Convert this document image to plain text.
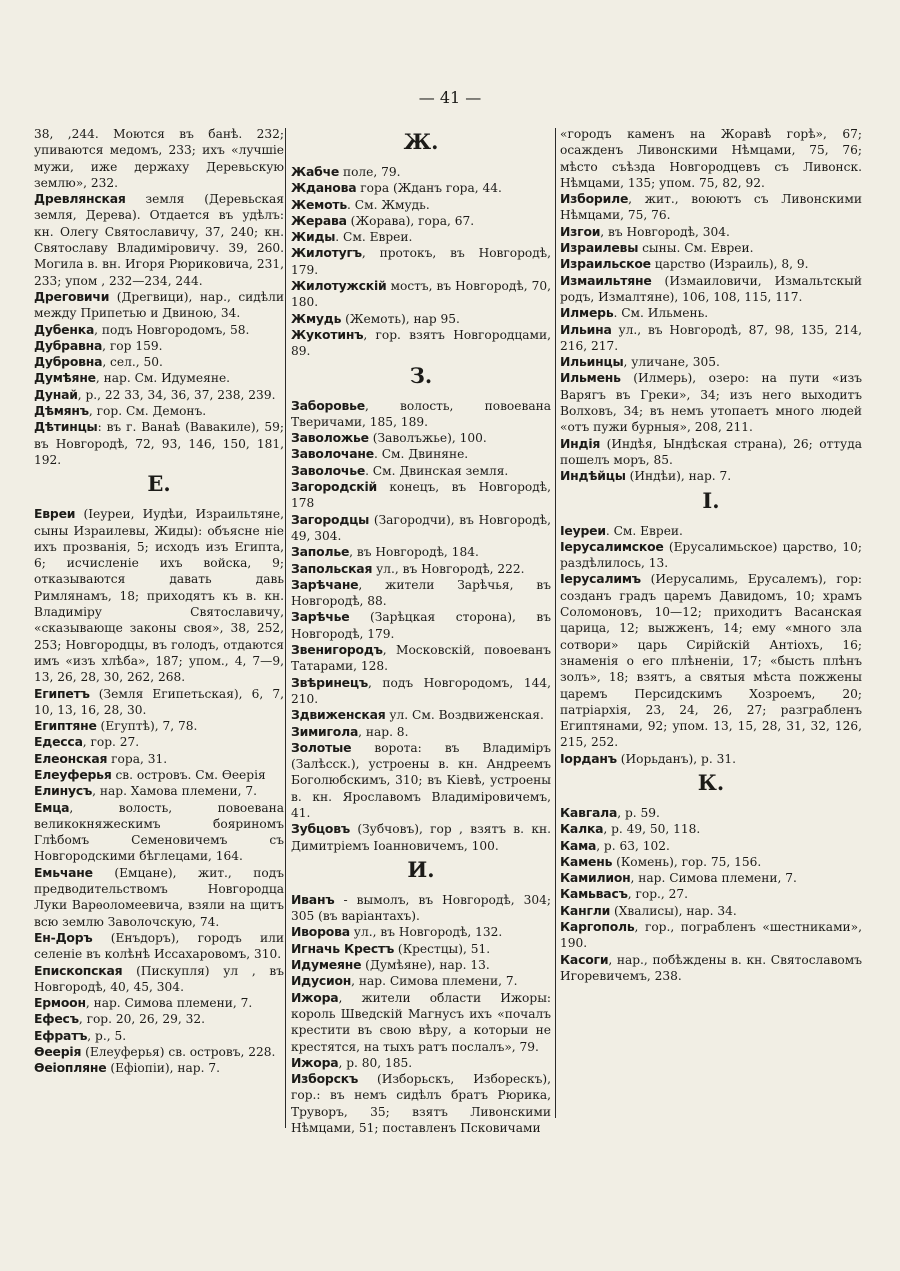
— 41 —

38, ,244. Моются въ банѣ. 232; упиваются медомъ, 233; ихъ «лучшіе мужи, иже держаху Деревьскую землю», 232.

Древлянская земля (Деревьская земля, Дерева). Отдается въ удѣлъ: кн. Олегу Святославичу, 37, 240; кн. Святославу Владиміровичу. 39, 260. Могила в. вн. Игоря Рюриковича, 231, 233; упом , 232—234, 244.

Дреговичи (Дрегвици), нар., сидѣли между Припетью и Двиною, 34.

Дубенка, подъ Новгородомъ, 58.

Дубравна, гор 159.

Дубровна, сел., 50.

Думѣяне, нар. См. Идумеяне.

Дунай, р., 22 33, 34, 36, 37, 238, 239.

Дѣмянъ, гор. См. Демонъ.

Дѣтинцы: въ г. Ванаѣ (Вавакиле), 59; въ Новгородѣ, 72, 93, 146, 150, 181, 192.

Е.

Евреи (Іеуреи, Иудѣи, Израильтяне, сыны Израилевы, Жиды): объясне ніе ихъ прозванія, 5; исходъ изъ Египта, 6; исчисленіе ихъ войска, 9; отказываются давать давь Римлянамъ, 18; приходятъ къ в. кн. Владиміру Святославичу, «сказывающе законы своя», 38, 252, 253; Новгородцы, въ голодъ, отдаются имъ «изъ хлѣба», 187; упом., 4, 7—9, 13, 26, 28, 30, 262, 268.

Египетъ (Земля Египетьская), 6, 7, 10, 13, 16, 28, 30.

Египтяне (Егуптѣ), 7, 78.

Едесса, гор. 27.

Елеонская гора, 31.

Елеуферья св. островъ. См. Ѳеерія

Елинусъ, нар. Хамова племени, 7.

Емца, волость, повоевана великокняжескимъ бояриномъ Глѣбомъ Семеновичемъ съ Новгородскими бѣглецами, 164.

Емьчане (Емцане), жит., подъ предводительствомъ Новгородца Луки Варѳоломеевича, взяли на щитъ всю землю Заволочскую, 74.

Ен-Доръ (Енъдоръ), городъ или селеніе въ колѣнѣ Иссахаровомъ, 310.

Епископская (Пискупля) ул , въ Новгородѣ, 40, 45, 304.

Ермоон, нар. Симова племени, 7.

Ефесъ, гор. 20, 26, 29, 32.

Ефратъ, р., 5.

Ѳеерія (Елеуферья) св. островъ, 228.

Ѳеіопляне (Ефіопіи), нар. 7.

Ж.

Жабче поле, 79.

Жданова гора (Жданъ гора, 44.

Жемоть. См. Жмудь.

Жерава (Жорава), гора, 67.

Жиды. См. Евреи.

Жилотугъ, протокъ, въ Новгородѣ, 179.

Жилотужскій мостъ, въ Новгородѣ, 70, 180.

Жмудь (Жемоть), нар 95.

Жукотинъ, гор. взятъ Новгородцами, 89.

З.

Заборовье, волость, повоевана Тверичами, 185, 189.

Заволожье (Заволъжье), 100.

Заволочане. См. Двиняне.

Заволочье. См. Двинская земля.

Загородскій конецъ, въ Новгородѣ, 178

Загородцы (Загородчи), въ Новгородѣ, 49, 304.

Заполье, въ Новгородѣ, 184.

Запольская ул., въ Новгородѣ, 222.

Зарѣчане, жители Зарѣчья, въ Новгородѣ, 88.

Зарѣчье (Зарѣцкая сторона), въ Новгородѣ, 179.

Звенигородъ, Московскій, повоеванъ Татарами, 128.

Звѣринецъ, подъ Новгородомъ, 144, 210.

Здвиженская ул. См. Воздвиженская.

Зимигола, нар. 8.

Золотые ворота: въ Владиміръ (Залѣсск.), устроены в. кн. Андреемъ Боголюбскимъ, 310; въ Кіевѣ, устроены в. кн. Ярославомъ Владиміровичемъ, 41.

Зубцовъ (Зубчовъ), гор , взятъ в. кн. Димитріемъ Іоанновичемъ, 100.

И.

Иванъ - вымолъ, въ Новгородѣ, 304; 305 (въ варіантахъ).

Иворова ул., въ Новгородѣ, 132.

Игначь Крестъ (Крестцы), 51.

Идумеяне (Думѣяне), нар. 13.

Идусион, нар. Симова племени, 7.

Ижора, жители области Ижоры: король Шведскій Магнусъ ихъ «почалъ крестити въ свою вѣру, а которыи не крестятся, на тыхъ ратъ послалъ», 79.

Ижора, р. 80, 185.

Изборскъ (Изборьскъ, Изборескъ), гор.: въ немъ сидѣлъ братъ Рюрика, Труворъ, 35; взятъ Ливонскими Нѣмцами, 51; поставленъ Псковичами

«городъ каменъ на Жоравѣ горѣ», 67; осажденъ Ливонскими Нѣмцами, 75, 76; мѣсто съѣзда Новгородцевъ съ Ливонск. Нѣмцами, 135; упом. 75, 82, 92.

Избориле, жит., воюютъ съ Ливонскими Нѣмцами, 75, 76.

Изгои, въ Новгородѣ, 304.

Израилевы сыны. См. Евреи.

Израильское царство (Израиль), 8, 9.

Измаильтяне (Измаиловичи, Измальтскый родъ, Измалтяне), 106, 108, 115, 117.

Илмерь. См. Ильмень.

Ильина ул., въ Новгородѣ, 87, 98, 135, 214, 216, 217.

Ильинцы, уличане, 305.

Ильмень (Илмерь), озеро: на пути «изъ Варягъ въ Греки», 34; изъ него выходитъ Волховъ, 34; въ немъ утопаетъ много людей «отъ пужи бурныя», 208, 211.

Индія (Индѣя, Ындѣская страна), 26; оттуда пошелъ моръ, 85.

Индѣйцы (Индѣи), нар. 7.

I.

Іеуреи. См. Евреи.

Іерусалимское (Ерусалимьское) царство, 10; раздѣлилось, 13.

Іерусалимъ (Иерусалимь, Ерусалемъ), гор: созданъ градъ царемъ Давидомъ, 10; храмъ Соломоновъ, 10—12; приходитъ Васанская царица, 12; выжженъ, 14; ему «много зла сотвори» царь Сирійскій Антіохъ, 16; знаменія о его плѣненіи, 17; «бысть плѣнъ золъ», 18; взятъ, а святыя мѣста пожжены царемъ Персидскимъ Хозроемъ, 20; патріархія, 23, 24, 26, 27; разграбленъ Египтянами, 92; упом. 13, 15, 28, 31, 32, 126, 215, 252.

Іорданъ (Иорьданъ), р. 31.

К.

Кавгала, р. 59.

Калка, р. 49, 50, 118.

Кама, р. 63, 102.

Камень (Комень), гор. 75, 156.

Камилион, нар. Симова племени, 7.

Камьвасъ, гор., 27.

Кангли (Хвалисы), нар. 34.

Каргополь, гор., пограбленъ «шестниками», 190.

Касоги, нар., побѣждены в. кн. Святославомъ Игоревичемъ, 238.
